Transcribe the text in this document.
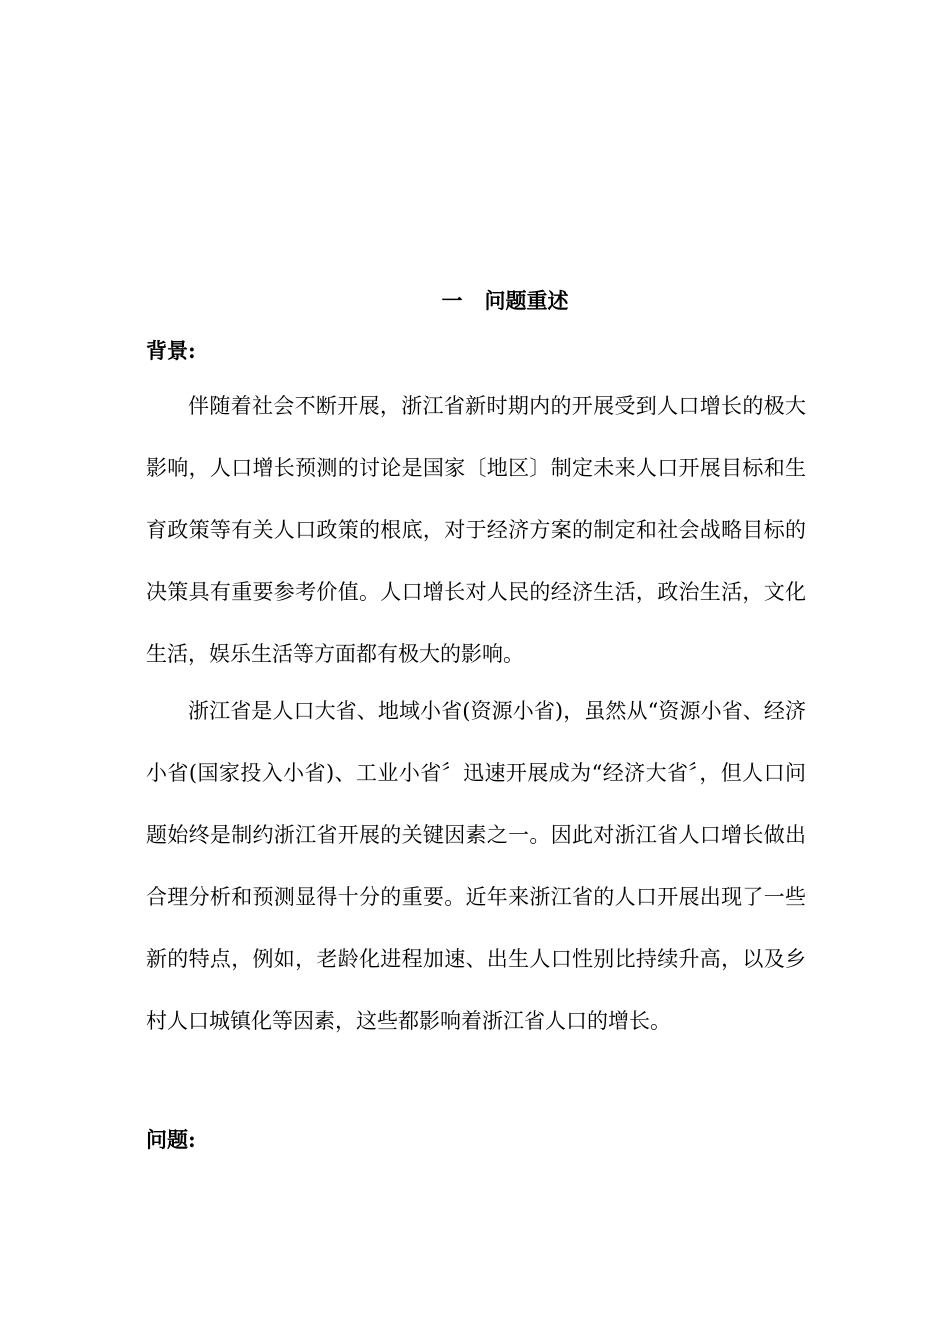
一 问题重述
背景:
伴随着社会不断开展，浙江省新时期内的开展受到人口增长的极大影响，人口增长预测的讨论是国家〔地区〕制定未来人口开展目标和生育政策等有关人口政策的根底，对于经济方案的制定和社会战略目标的决策具有重要参考价值。人口增长对人民的经济生活，政治生活，文化生活，娱乐生活等方面都有极大的影响。
浙江省是人口大省、地域小省(资源小省)，虽然从“资源小省、经济小省(国家投入小省)、工业小省〞迅速开展成为“经济大省〞，但人口问题始终是制约浙江省开展的关键因素之一。因此对浙江省人口增长做出合理分析和预测显得十分的重要。近年来浙江省的人口开展出现了一些新的特点，例如，老龄化进程加速、出生人口性别比持续升高，以及乡村人口城镇化等因素，这些都影响着浙江省人口的增长。
问题:
